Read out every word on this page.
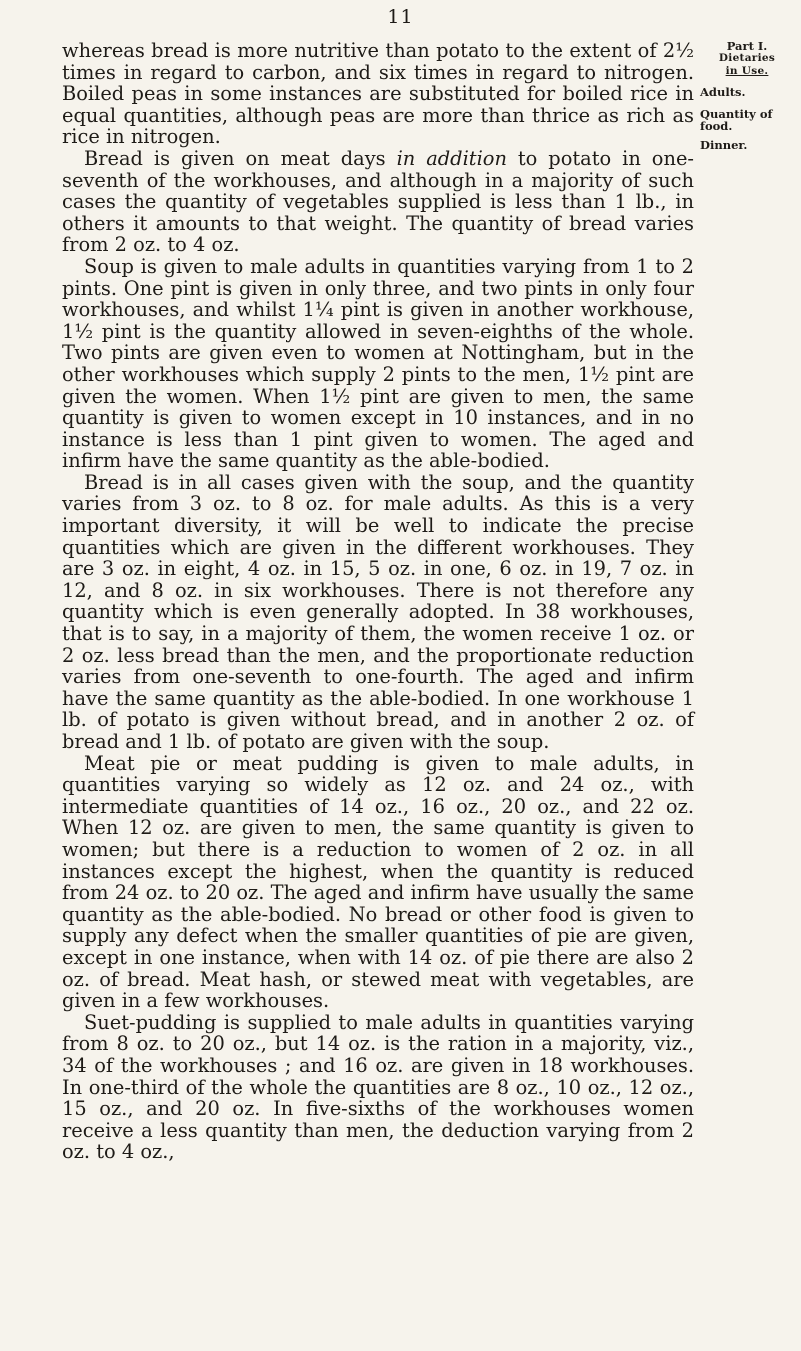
11
Part I.
Dietaries
in Use.
Adults.
Quantity of food.
Dinner.

whereas bread is more nutritive than potato to the extent of 2½ times in regard to carbon, and six times in regard to nitrogen. Boiled peas in some instances are substituted for boiled rice in equal quantities, although peas are more than thrice as rich as rice in nitrogen.

Bread is given on meat days in addition to potato in one-seventh of the workhouses, and although in a majority of such cases the quantity of vegetables supplied is less than 1 lb., in others it amounts to that weight. The quantity of bread varies from 2 oz. to 4 oz.

Soup is given to male adults in quantities varying from 1 to 2 pints. One pint is given in only three, and two pints in only four workhouses, and whilst 1¼ pint is given in another workhouse, 1½ pint is the quantity allowed in seven-eighths of the whole. Two pints are given even to women at Nottingham, but in the other workhouses which supply 2 pints to the men, 1½ pint are given the women. When 1½ pint are given to men, the same quantity is given to women except in 10 instances, and in no instance is less than 1 pint given to women. The aged and infirm have the same quantity as the able-bodied.

Bread is in all cases given with the soup, and the quantity varies from 3 oz. to 8 oz. for male adults. As this is a very important diversity, it will be well to indicate the precise quantities which are given in the different workhouses. They are 3 oz. in eight, 4 oz. in 15, 5 oz. in one, 6 oz. in 19, 7 oz. in 12, and 8 oz. in six workhouses. There is not therefore any quantity which is even generally adopted. In 38 workhouses, that is to say, in a majority of them, the women receive 1 oz. or 2 oz. less bread than the men, and the proportionate reduction varies from one-seventh to one-fourth. The aged and infirm have the same quantity as the able-bodied. In one workhouse 1 lb. of potato is given without bread, and in another 2 oz. of bread and 1 lb. of potato are given with the soup.

Meat pie or meat pudding is given to male adults, in quantities varying so widely as 12 oz. and 24 oz., with intermediate quantities of 14 oz., 16 oz., 20 oz., and 22 oz. When 12 oz. are given to men, the same quantity is given to women; but there is a reduction to women of 2 oz. in all instances except the highest, when the quantity is reduced from 24 oz. to 20 oz. The aged and infirm have usually the same quantity as the able-bodied. No bread or other food is given to supply any defect when the smaller quantities of pie are given, except in one instance, when with 14 oz. of pie there are also 2 oz. of bread. Meat hash, or stewed meat with vegetables, are given in a few workhouses.

Suet-pudding is supplied to male adults in quantities varying from 8 oz. to 20 oz., but 14 oz. is the ration in a majority, viz., 34 of the workhouses ; and 16 oz. are given in 18 workhouses. In one-third of the whole the quantities are 8 oz., 10 oz., 12 oz., 15 oz., and 20 oz. In five-sixths of the workhouses women receive a less quantity than men, the deduction varying from 2 oz. to 4 oz.,
